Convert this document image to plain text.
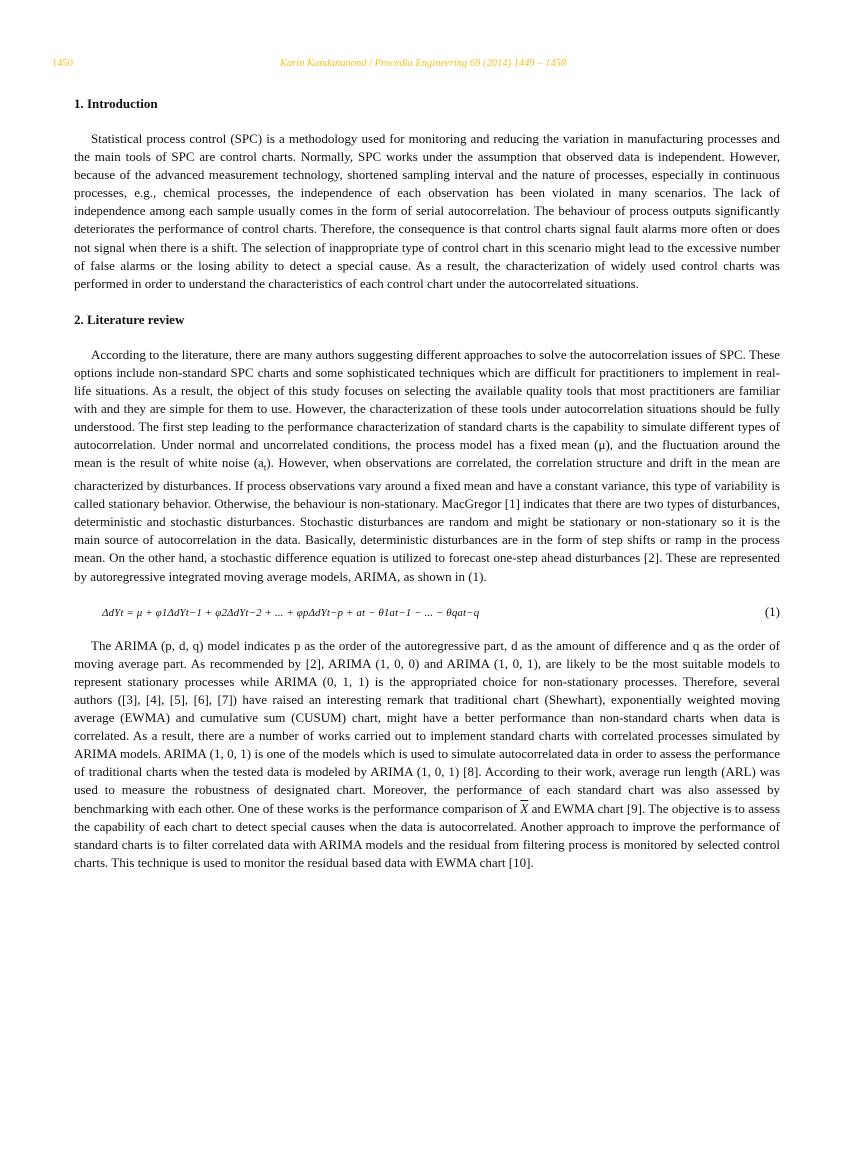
1450	Karin Kandananond / Procedia Engineering 69 (2014) 1449 – 1458
1. Introduction

Statistical process control (SPC) is a methodology used for monitoring and reducing the variation in manufacturing processes and the main tools of SPC are control charts. Normally, SPC works under the assumption that observed data is independent. However, because of the advanced measurement technology, shortened sampling interval and the nature of processes, especially in continuous processes, e.g., chemical processes, the independence of each observation has been violated in many scenarios. The lack of independence among each sample usually comes in the form of serial autocorrelation. The behaviour of process outputs significantly deteriorates the performance of control charts. Therefore, the consequence is that control charts signal fault alarms more often or does not signal when there is a shift. The selection of inappropriate type of control chart in this scenario might lead to the excessive number of false alarms or the losing ability to detect a special cause. As a result, the characterization of widely used control charts was performed in order to understand the characteristics of each control chart under the autocorrelated situations.

2. Literature review

According to the literature, there are many authors suggesting different approaches to solve the autocorrelation issues of SPC. These options include non-standard SPC charts and some sophisticated techniques which are difficult for practitioners to implement in real-life situations. As a result, the object of this study focuses on selecting the available quality tools that most practitioners are familiar with and they are simple for them to use. However, the characterization of these tools under autocorrelation situations should be fully understood. The first step leading to the performance characterization of standard charts is the capability to simulate different types of autocorrelation. Under normal and uncorrelated conditions, the process model has a fixed mean (μ), and the fluctuation around the mean is the result of white noise $(a_t)$. However, when observations are correlated, the correlation structure and drift in the mean are characterized by disturbances. If process observations vary around a fixed mean and have a constant variance, this type of variability is called stationary behavior. Otherwise, the behaviour is non-stationary. MacGregor [1] indicates that there are two types of disturbances, deterministic and stochastic disturbances. Stochastic disturbances are random and might be stationary or non-stationary so it is the main source of autocorrelation in the data. Basically, deterministic disturbances are in the form of step shifts or ramp in the process mean. On the other hand, a stochastic difference equation is utilized to forecast one-step ahead disturbances [2]. These are represented by autoregressive integrated moving average models, ARIMA, as shown in (1).

ΔdYt = μ + φ1ΔdYt−1 + φ2ΔdYt−2 + ... + φpΔdYt−p + at − θ1at−1 − ... − θqat−q	(1)

The ARIMA (p, d, q) model indicates p as the order of the autoregressive part, d as the amount of difference and q as the order of moving average part. As recommended by [2], ARIMA (1, 0, 0) and ARIMA (1, 0, 1), are likely to be the most suitable models to represent stationary processes while ARIMA (0, 1, 1) is the appropriated choice for non-stationary processes. Therefore, several authors ([3], [4], [5], [6], [7]) have raised an interesting remark that traditional chart (Shewhart), exponentially weighted moving average (EWMA) and cumulative sum (CUSUM) chart, might have a better performance than non-standard charts when data is correlated. As a result, there are a number of works carried out to implement standard charts with correlated processes simulated by ARIMA models. ARIMA (1, 0, 1) is one of the models which is used to simulate autocorrelated data in order to assess the performance of traditional charts when the tested data is modeled by ARIMA (1, 0, 1) [8]. According to their work, average run length (ARL) was used to measure the robustness of designated chart. Moreover, the performance of each standard chart was also assessed by benchmarking with each other. One of these works is the performance comparison of $\overline{X}$ and EWMA chart [9]. The objective is to assess the capability of each chart to detect special causes when the data is autocorrelated. Another approach to improve the performance of standard charts is to filter correlated data with ARIMA models and the residual from filtering process is monitored by selected control charts. This technique is used to monitor the residual based data with EWMA chart [10].
